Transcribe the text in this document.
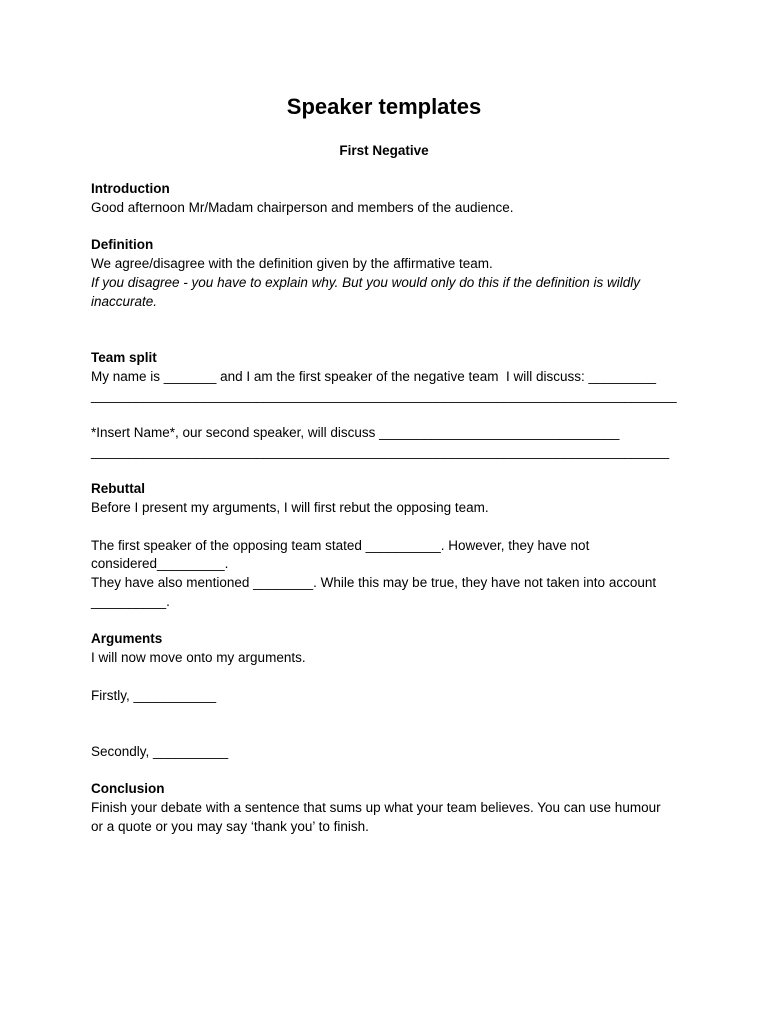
Speaker templates
First Negative
Introduction
Good afternoon Mr/Madam chairperson and members of the audience.
Definition
We agree/disagree with the definition given by the affirmative team.
If you disagree - you have to explain why. But you would only do this if the definition is wildly
inaccurate.
Team split
My name is _______ and I am the first speaker of the negative team  I will discuss: _________
______________________________________________________________________________
*Insert Name*, our second speaker, will discuss ________________________________
_____________________________________________________________________________
Rebuttal
Before I present my arguments, I will first rebut the opposing team.
The first speaker of the opposing team stated __________. However, they have not
considered_________.
They have also mentioned ________. While this may be true, they have not taken into account
__________.
Arguments
I will now move onto my arguments.
Firstly, ___________
Secondly, __________
Conclusion
Finish your debate with a sentence that sums up what your team believes. You can use humour
or a quote or you may say ‘thank you’ to finish.
